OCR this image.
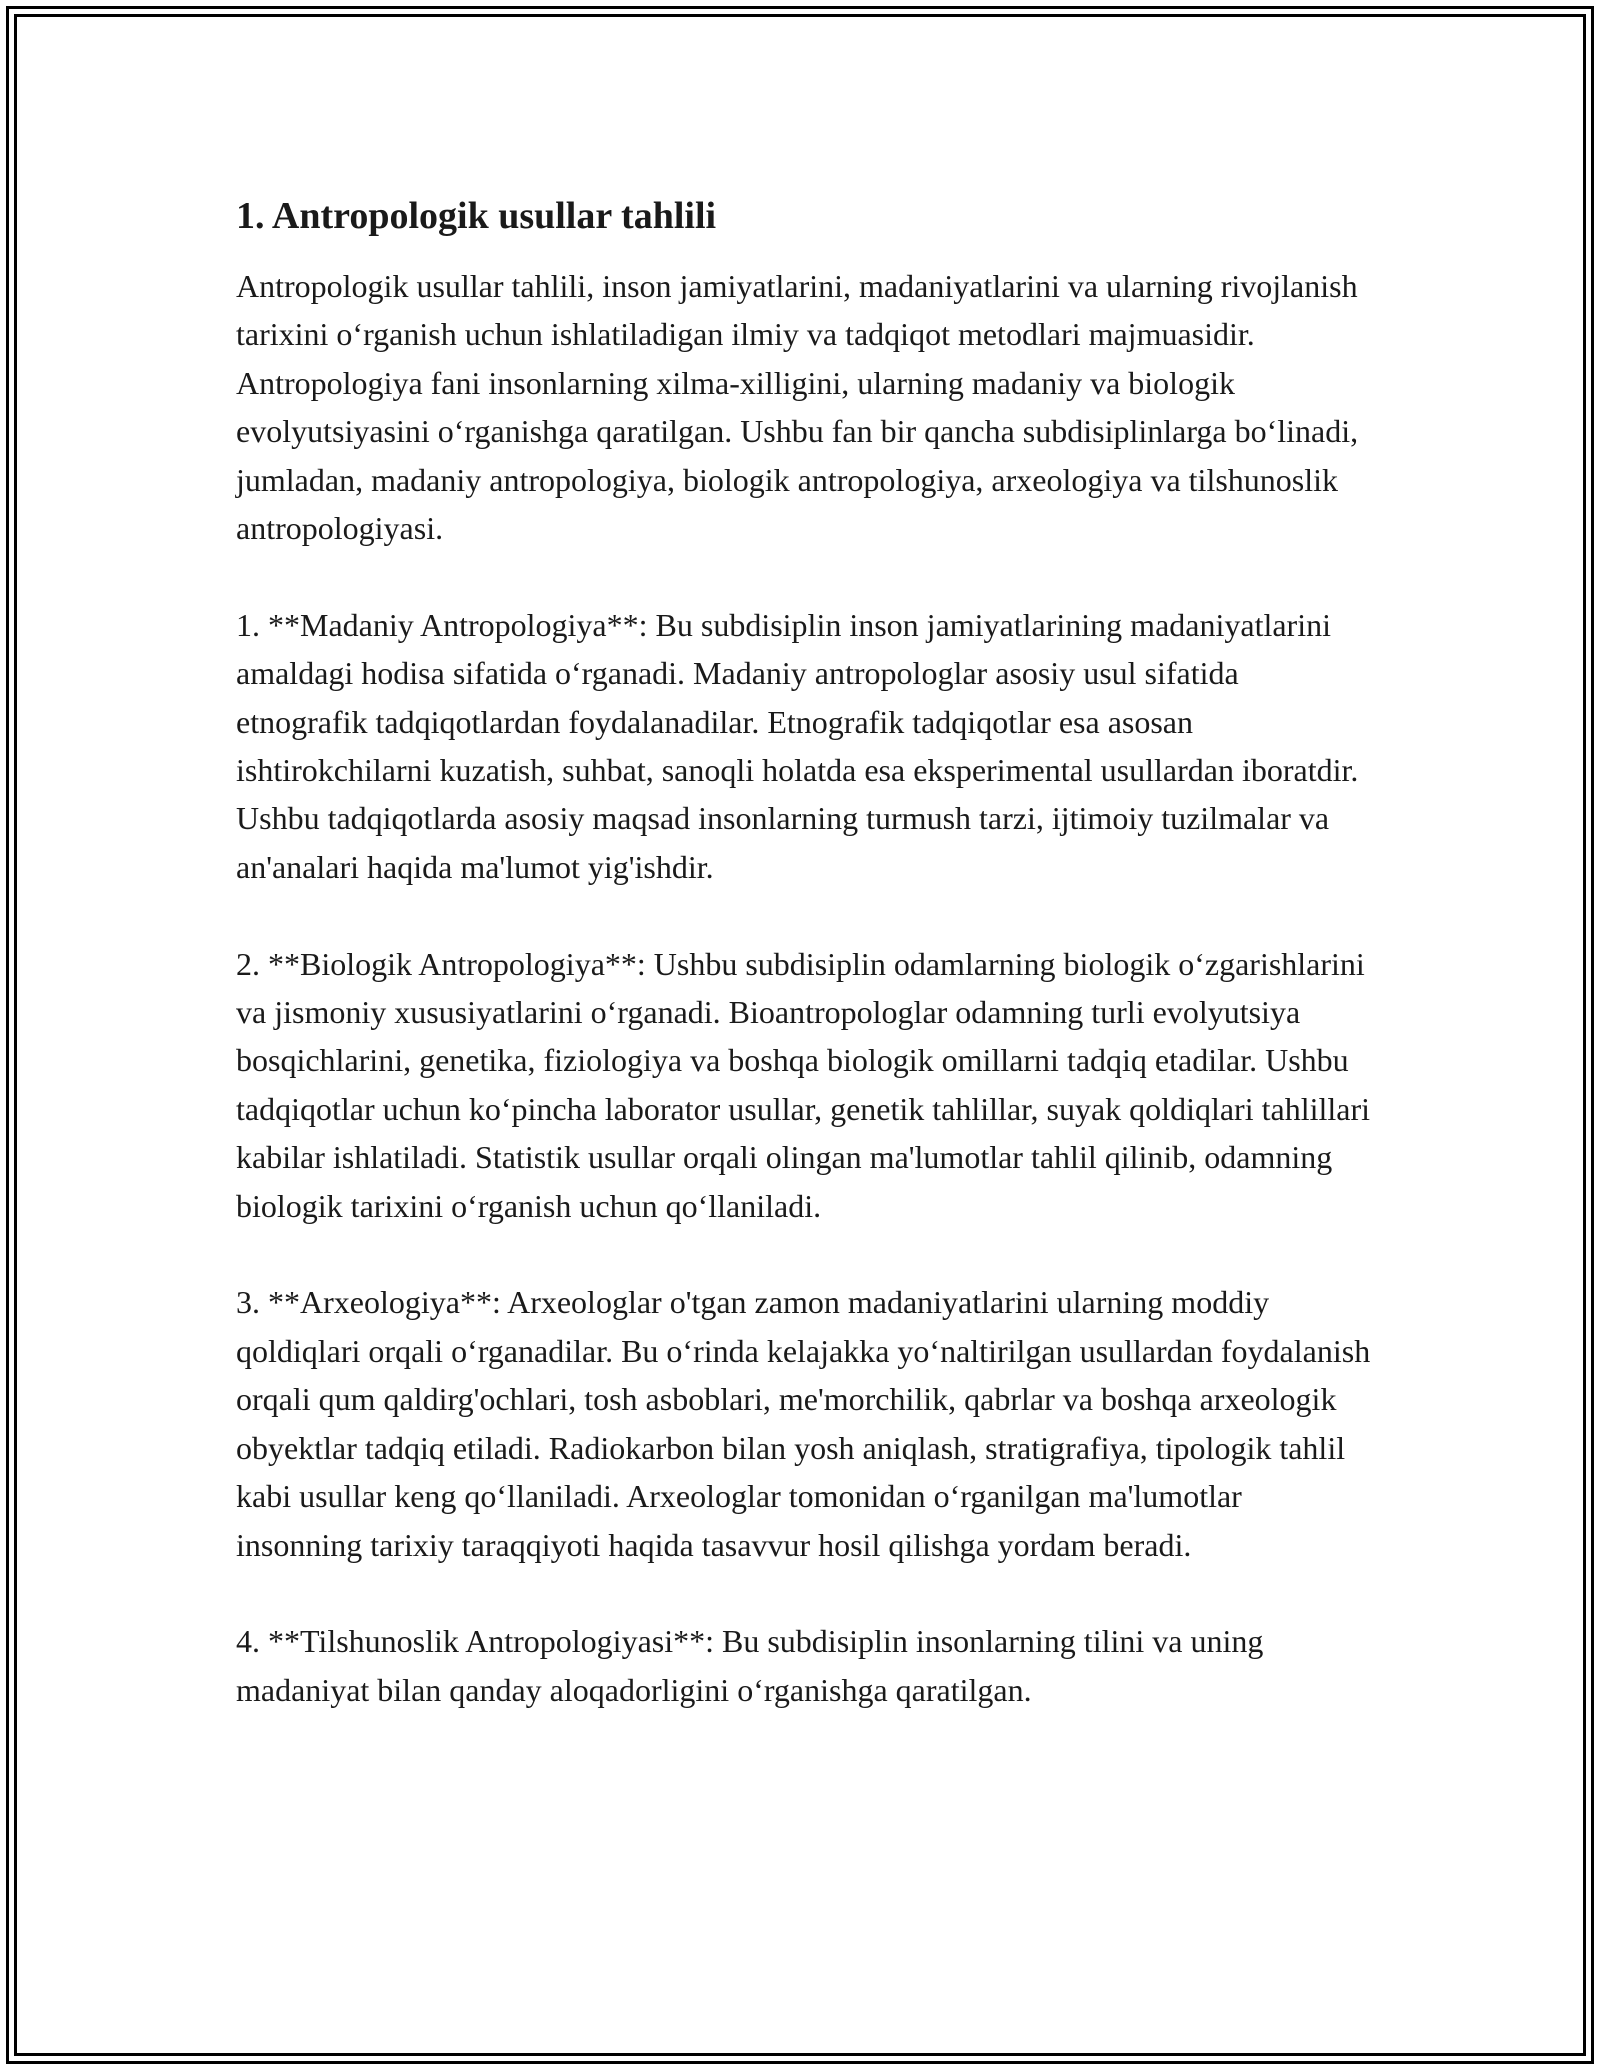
1. Antropologik usullar tahlili

Antropologik usullar tahlili, inson jamiyatlarini, madaniyatlarini va ularning rivojlanish tarixini o‘rganish uchun ishlatiladigan ilmiy va tadqiqot metodlari majmuasidir. Antropologiya fani insonlarning xilma-xilligini, ularning madaniy va biologik evolyutsiyasini o‘rganishga qaratilgan. Ushbu fan bir qancha subdisiplinlarga bo‘linadi, jumladan, madaniy antropologiya, biologik antropologiya, arxeologiya va tilshunoslik antropologiyasi.

1. **Madaniy Antropologiya**: Bu subdisiplin inson jamiyatlarining madaniyatlarini amaldagi hodisa sifatida o‘rganadi. Madaniy antropologlar asosiy usul sifatida etnografik tadqiqotlardan foydalanadilar. Etnografik tadqiqotlar esa asosan ishtirokchilarni kuzatish, suhbat, sanoqli holatda esa eksperimental usullardan iboratdir. Ushbu tadqiqotlarda asosiy maqsad insonlarning turmush tarzi, ijtimoiy tuzilmalar va an'analari haqida ma'lumot yig'ishdir.

2. **Biologik Antropologiya**: Ushbu subdisiplin odamlarning biologik o‘zgarishlarini va jismoniy xususiyatlarini o‘rganadi. Bioantropologlar odamning turli evolyutsiya bosqichlarini, genetika, fiziologiya va boshqa biologik omillarni tadqiq etadilar. Ushbu tadqiqotlar uchun ko‘pincha laborator usullar, genetik tahlillar, suyak qoldiqlari tahlillari kabilar ishlatiladi. Statistik usullar orqali olingan ma'lumotlar tahlil qilinib, odamning biologik tarixini o‘rganish uchun qo‘llaniladi.

3. **Arxeologiya**: Arxeologlar o'tgan zamon madaniyatlarini ularning moddiy qoldiqlari orqali o‘rganadilar. Bu o‘rinda kelajakka yo‘naltirilgan usullardan foydalanish orqali qum qaldirg'ochlari, tosh asboblari, me'morchilik, qabrlar va boshqa arxeologik obyektlar tadqiq etiladi. Radiokarbon bilan yosh aniqlash, stratigrafiya, tipologik tahlil kabi usullar keng qo‘llaniladi. Arxeologlar tomonidan o‘rganilgan ma'lumotlar insonning tarixiy taraqqiyoti haqida tasavvur hosil qilishga yordam beradi.

4. **Tilshunoslik Antropologiyasi**: Bu subdisiplin insonlarning tilini va uning madaniyat bilan qanday aloqadorligini o‘rganishga qaratilgan.
